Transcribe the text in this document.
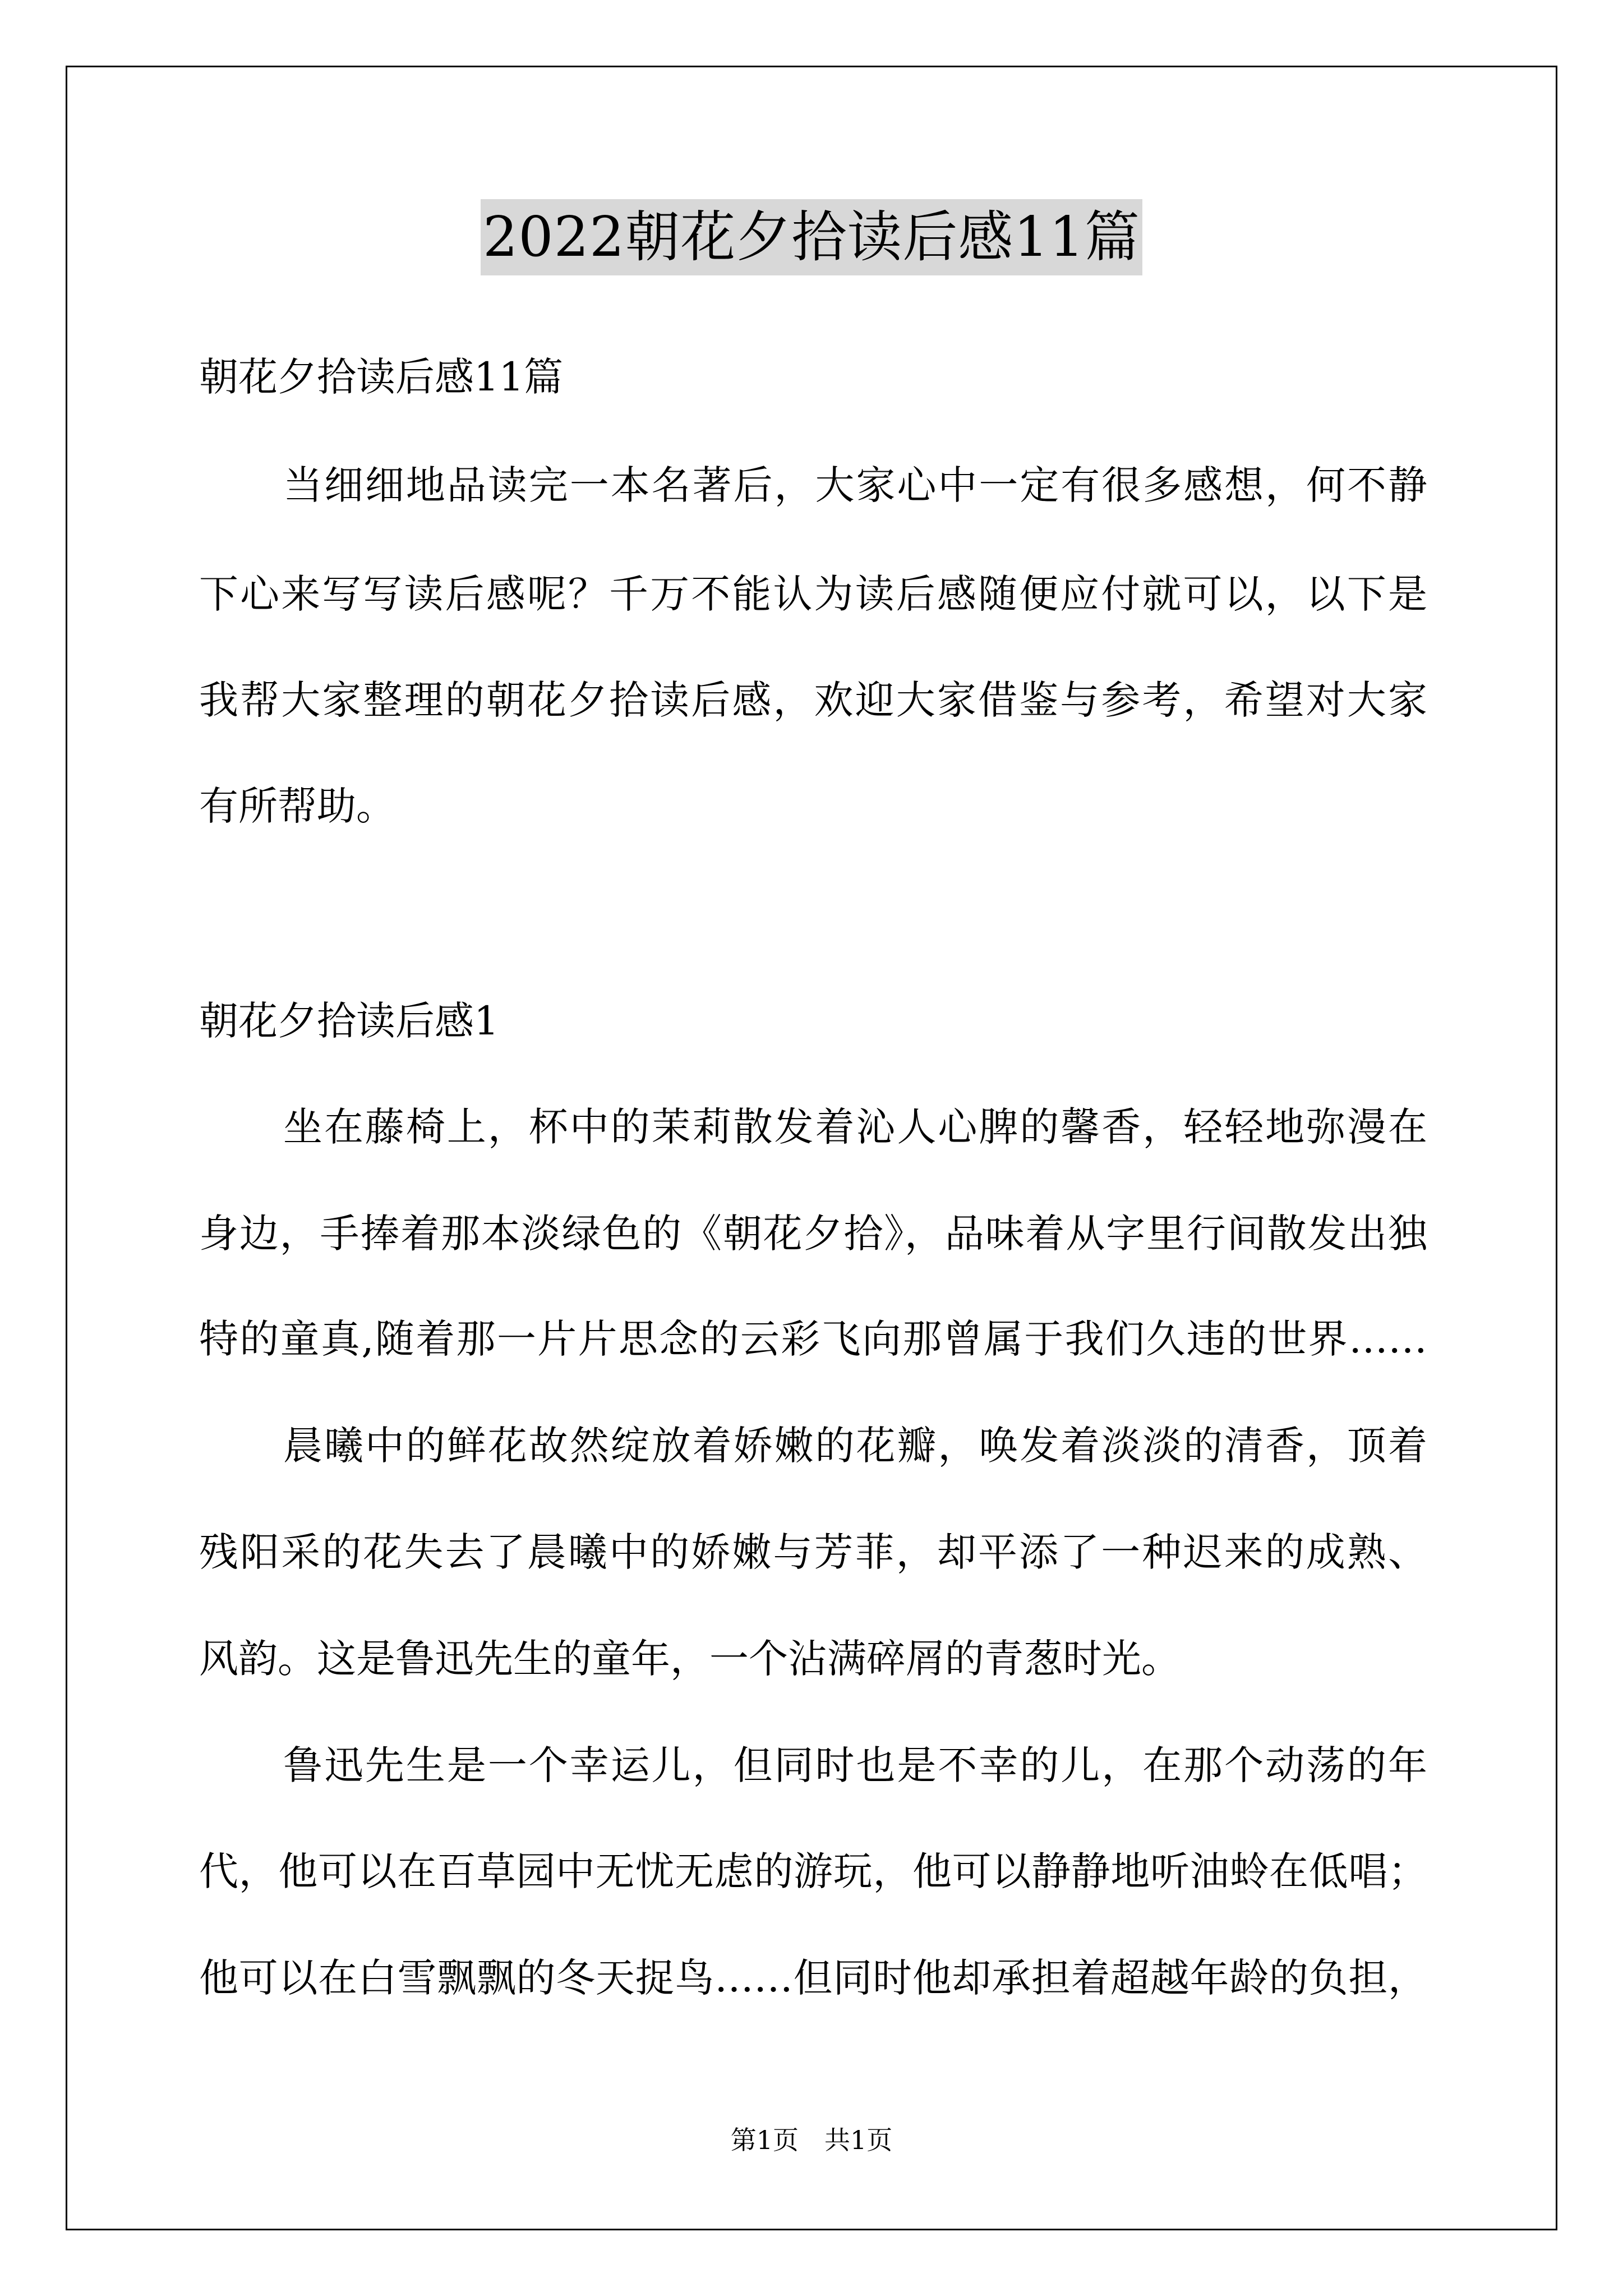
2022朝花夕拾读后感11篇
朝花夕拾读后感11篇
当细细地品读完一本名著后，大家心中一定有很多感想，何不静
下心来写写读后感呢？千万不能认为读后感随便应付就可以，以下是
我帮大家整理的朝花夕拾读后感，欢迎大家借鉴与参考，希望对大家
有所帮助。
朝花夕拾读后感1
坐在藤椅上，杯中的茉莉散发着沁人心脾的馨香，轻轻地弥漫在
身边，手捧着那本淡绿色的《朝花夕拾》，品味着从字里行间散发出独
特的童真,随着那一片片思念的云彩飞向那曾属于我们久违的世界……
晨曦中的鲜花故然绽放着娇嫩的花瓣，唤发着淡淡的清香，顶着
残阳采的花失去了晨曦中的娇嫩与芳菲，却平添了一种迟来的成熟、
风韵。这是鲁迅先生的童年，一个沾满碎屑的青葱时光。
鲁迅先生是一个幸运儿，但同时也是不幸的儿，在那个动荡的年
代，他可以在百草园中无忧无虑的游玩，他可以静静地听油蛉在低唱；
他可以在白雪飘飘的冬天捉鸟……但同时他却承担着超越年龄的负担，
第1页　共1页
